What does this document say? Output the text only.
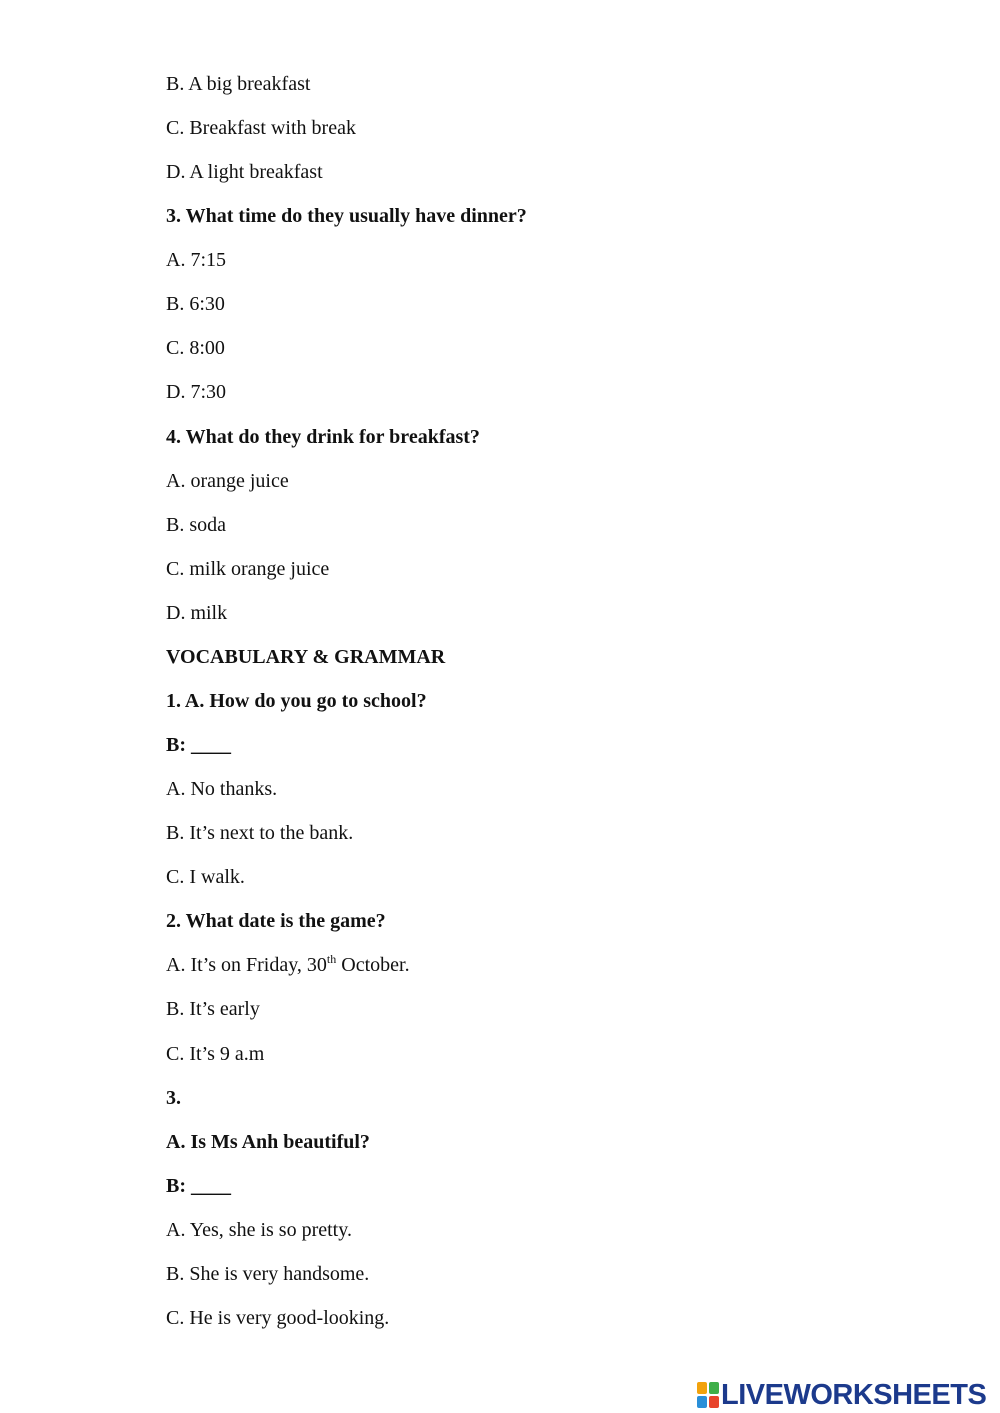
B. A big breakfast
C. Breakfast with break
D. A light breakfast
3. What time do they usually have dinner?
A. 7:15
B. 6:30
C. 8:00
D. 7:30
4. What do they drink for breakfast?
A. orange juice
B. soda
C. milk orange juice
D. milk
VOCABULARY & GRAMMAR
1. A. How do you go to school?
B: ____
A. No thanks.
B. It’s next to the bank.
C. I walk.
2. What date is the game?
A. It’s on Friday, 30th October.
B. It’s early
C. It’s 9 a.m
3.
A. Is Ms Anh beautiful?
B: ____
A. Yes, she is so pretty.
B. She is very handsome.
C. He is very good-looking.
LIVEWORKSHEETS
